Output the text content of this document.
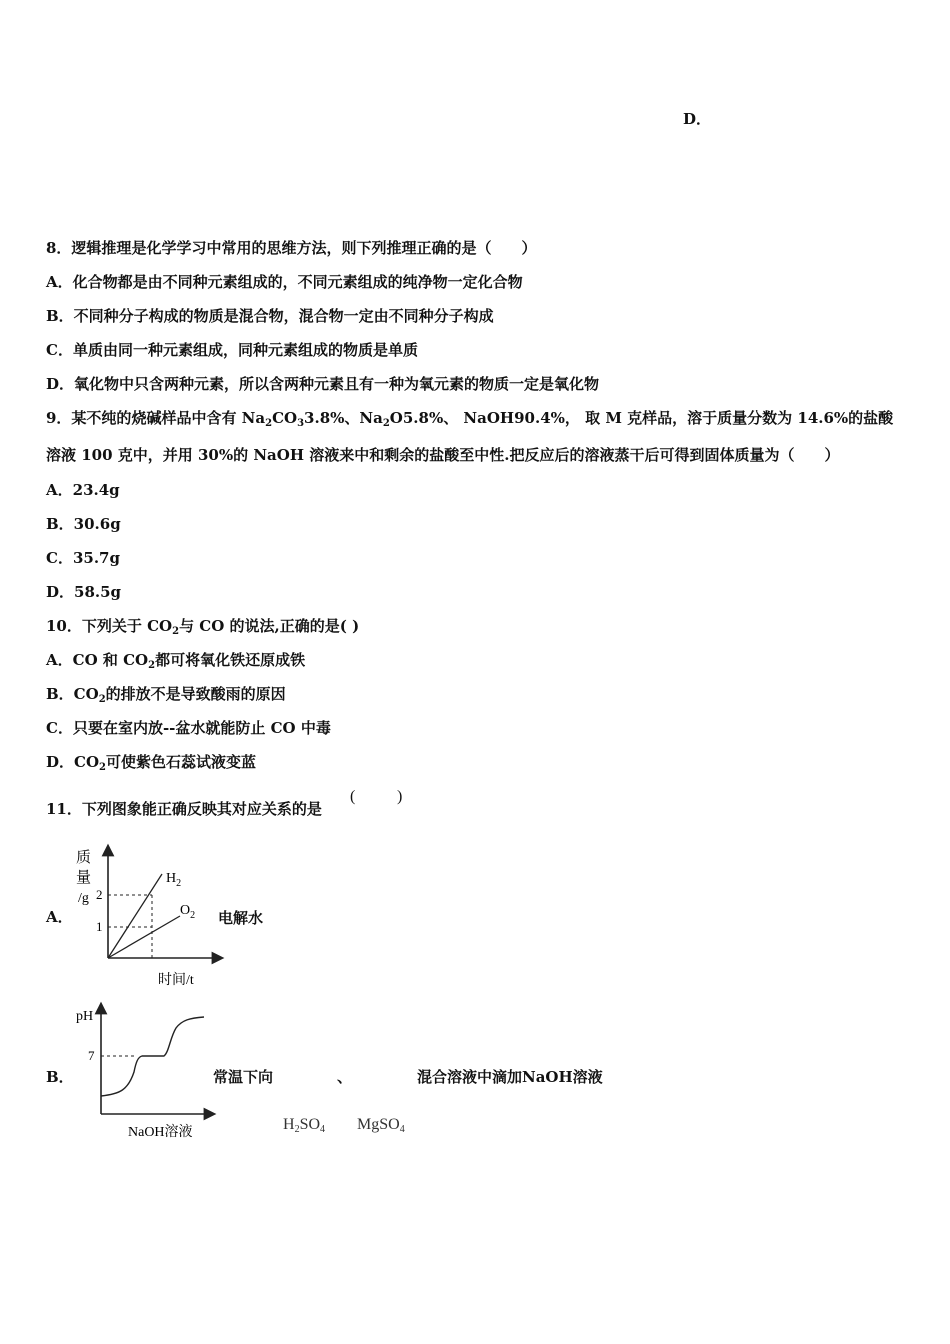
D．
8．逻辑推理是化学学习中常用的思维方法，则下列推理正确的是（　　）
A．化合物都是由不同种元素组成的，不同元素组成的纯净物一定化合物
B．不同种分子构成的物质是混合物，混合物一定由不同种分子构成
C．单质由同一种元素组成，同种元素组成的物质是单质
D．氧化物中只含两种元素，所以含两种元素且有一种为氧元素的物质一定是氧化物
9．某不纯的烧碱样品中含有 $Na_2CO_33.8\%$、$Na_2O5.8\%$、 NaOH90.4%， 取 M 克样品，溶于质量分数为 14.6%的盐酸
溶液 100 克中，并用 30%的 NaOH 溶液来中和剩余的盐酸至中性.把反应后的溶液蒸干后可得到固体质量为（　　）
A．23.4g
B．30.6g
C．35.7g
D．58.5g
10．下列关于 $CO_2$与 CO 的说法,正确的是( )
A．CO 和 $CO_2$都可将氧化铁还原成铁
B．$CO_2$的排放不是导致酸雨的原因
C．只要在室内放--盆水就能防止 CO 中毒
D．$CO_2$可使紫色石蕊试液变蓝
11．下列图象能正确反映其对应关系的是
(	)
A．
质
量
/g 2
1
$H_2$
$O_2$
时间/t
电解水
B．
pH
7
NaOH溶液
常温下向	、	混合溶液中滴加NaOH溶液
$H_2SO_4$ MgSO$_4$
